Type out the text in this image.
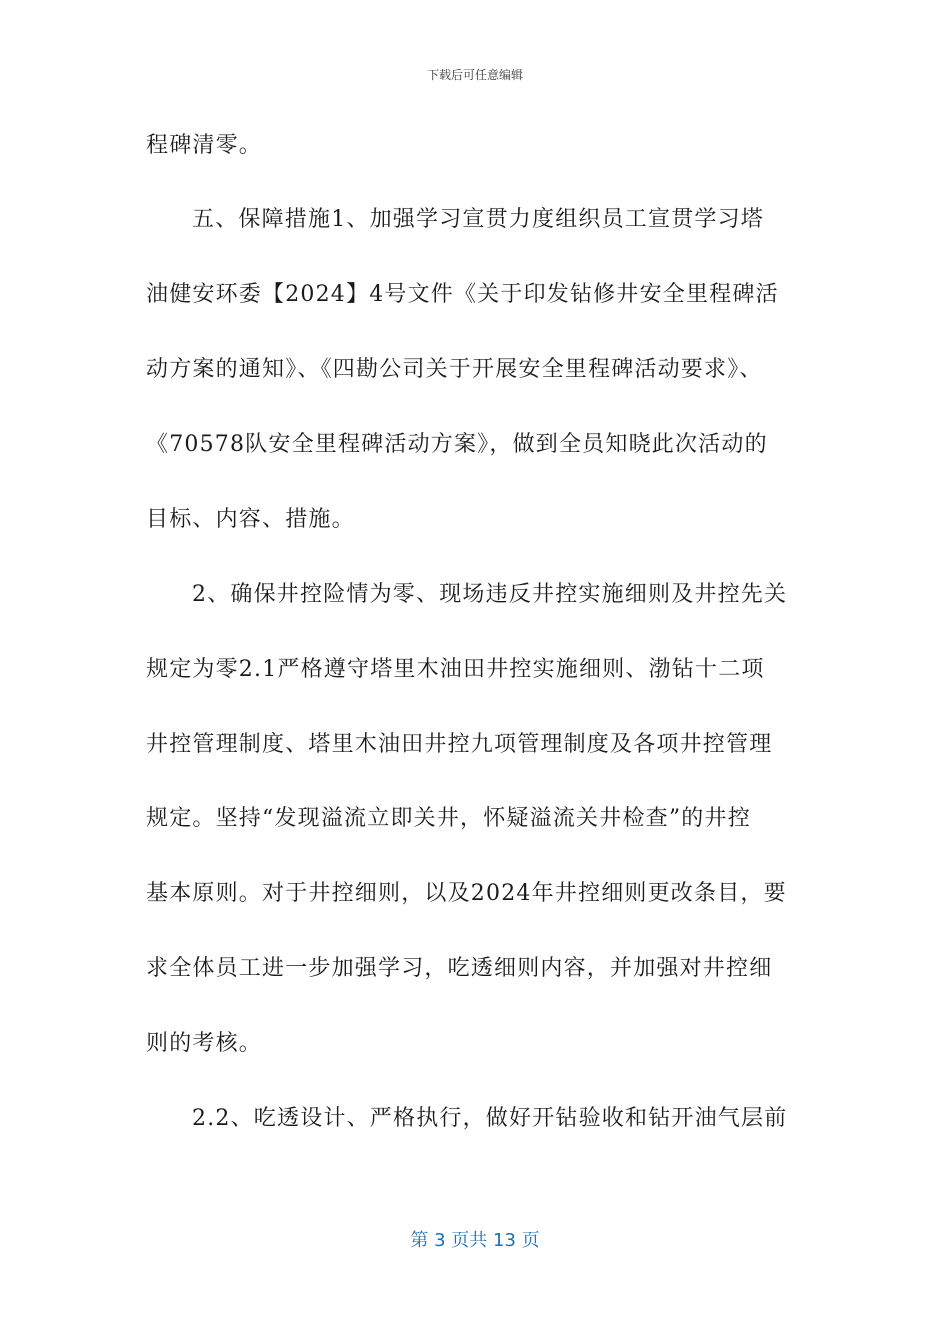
下载后可任意编辑
程碑清零。
五、保障措施1、加强学习宣贯力度组织员工宣贯学习塔
油健安环委【2024】4号文件《关于印发钻修井安全里程碑活
动方案的通知》、《四勘公司关于开展安全里程碑活动要求》、
《70578队安全里程碑活动方案》，做到全员知晓此次活动的
目标、内容、措施。
2、确保井控险情为零、现场违反井控实施细则及井控先关
规定为零2.1严格遵守塔里木油田井控实施细则、渤钻十二项
井控管理制度、塔里木油田井控九项管理制度及各项井控管理
规定。坚持“发现溢流立即关井，怀疑溢流关井检查”的井控
基本原则。对于井控细则，以及2024年井控细则更改条目，要
求全体员工进一步加强学习，吃透细则内容，并加强对井控细
则的考核。
2.2、吃透设计、严格执行，做好开钻验收和钻开油气层前
第 3 页共 13 页
